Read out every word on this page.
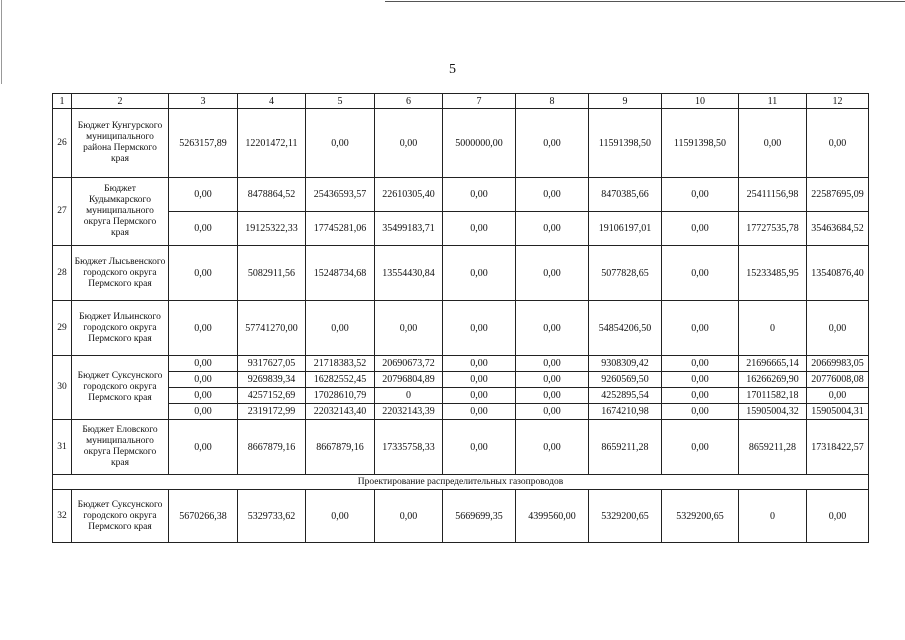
5
1	2	3	4	5	6	7	8	9	10	11	12
26	Бюджет Кунгурского муниципального района Пермского края	5263157,89	12201472,11	0,00	0,00	5000000,00	0,00	11591398,50	11591398,50	0,00	0,00
27	Бюджет Кудымкарского муниципального округа Пермского края	0,00	8478864,52	25436593,57	22610305,40	0,00	0,00	8470385,66	0,00	25411156,98	22587695,09
		0,00	19125322,33	17745281,06	35499183,71	0,00	0,00	19106197,01	0,00	17727535,78	35463684,52
28	Бюджет Лысьвенского городского округа Пермского края	0,00	5082911,56	15248734,68	13554430,84	0,00	0,00	5077828,65	0,00	15233485,95	13540876,40
29	Бюджет Ильинского городского округа Пермского края	0,00	57741270,00	0,00	0,00	0,00	0,00	54854206,50	0,00	0	0,00
30	Бюджет Суксунского городского округа Пермского края	0,00	9317627,05	21718383,52	20690673,72	0,00	0,00	9308309,42	0,00	21696665,14	20669983,05
		0,00	9269839,34	16282552,45	20796804,89	0,00	0,00	9260569,50	0,00	16266269,90	20776008,08
		0,00	4257152,69	17028610,79	0	0,00	0,00	4252895,54	0,00	17011582,18	0,00
		0,00	2319172,99	22032143,40	22032143,39	0,00	0,00	1674210,98	0,00	15905004,32	15905004,31
31	Бюджет Еловского муниципального округа Пермского края	0,00	8667879,16	8667879,16	17335758,33	0,00	0,00	8659211,28	0,00	8659211,28	17318422,57
Проектирование распределительных газопроводов											
32	Бюджет Суксунского городского округа Пермского края	5670266,38	5329733,62	0,00	0,00	5669699,35	4399560,00	5329200,65	5329200,65	0	0,00
